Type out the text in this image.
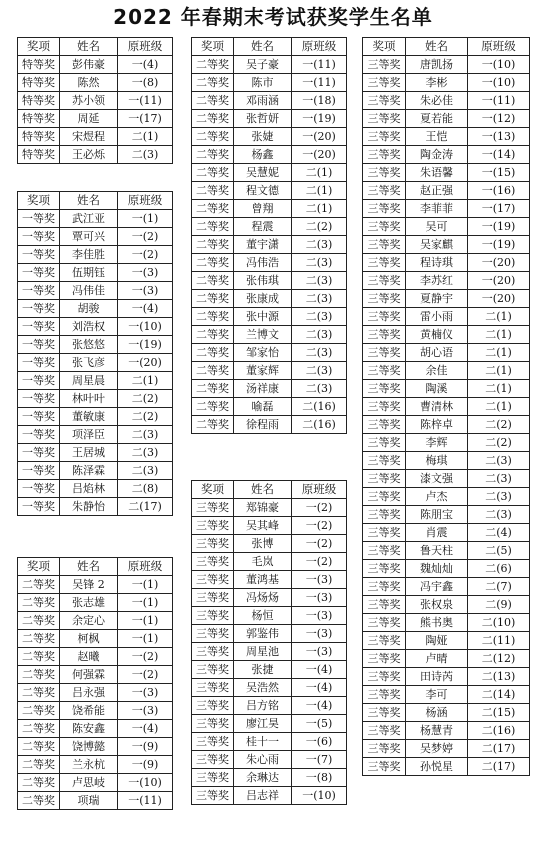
2022 年春期末考试获奖学生名单
奖项	姓名	原班级
特等奖	彭伟豪	一(4)
特等奖	陈然	一(8)
特等奖	苏小领	一(11)
特等奖	周延	一(17)
特等奖	宋煜程	二(1)
特等奖	王必烁	二(3)
奖项	姓名	原班级
一等奖	武江亚	一(1)
一等奖	覃可兴	一(2)
一等奖	李佳胜	一(2)
一等奖	伍期钰	一(3)
一等奖	冯伟佳	一(3)
一等奖	胡骏	一(4)
一等奖	刘浩权	一(10)
一等奖	张悠悠	一(19)
一等奖	张飞彦	一(20)
一等奖	周星晨	二(1)
一等奖	林叶叶	二(2)
一等奖	董敏康	二(2)
一等奖	项泽臣	二(3)
一等奖	王居城	二(3)
一等奖	陈泽霖	二(3)
一等奖	吕焰林	二(8)
一等奖	朱静怡	二(17)
奖项	姓名	原班级
二等奖	吴锋 2	一(1)
二等奖	张志雄	一(1)
二等奖	余定心	一(1)
二等奖	柯枫	一(1)
二等奖	赵曦	一(2)
二等奖	何强霖	一(2)
二等奖	吕永强	一(3)
二等奖	饶希能	一(3)
二等奖	陈安鑫	一(4)
二等奖	饶博懿	一(9)
二等奖	兰永杭	一(9)
二等奖	卢思岐	一(10)
二等奖	项瑞	一(11)
奖项	姓名	原班级
二等奖	吴子豪	一(11)
二等奖	陈市	一(11)
二等奖	邓雨涵	一(18)
二等奖	张哲妍	一(19)
二等奖	张婕	一(20)
二等奖	杨鑫	一(20)
二等奖	吴慧妮	二(1)
二等奖	程文德	二(1)
二等奖	曾翔	二(1)
二等奖	程震	二(2)
二等奖	董宇潇	二(3)
二等奖	冯伟浩	二(3)
二等奖	张伟琪	二(3)
二等奖	张康成	二(3)
二等奖	张中源	二(3)
二等奖	兰博文	二(3)
二等奖	邹家怡	二(3)
二等奖	董家辉	二(3)
二等奖	汤祥康	二(3)
二等奖	喻磊	二(16)
二等奖	徐程雨	二(16)
奖项	姓名	原班级
三等奖	郑锦豪	一(2)
三等奖	吴其峰	一(2)
三等奖	张博	一(2)
三等奖	毛岚	一(2)
三等奖	董鸿基	一(3)
三等奖	冯炀炀	一(3)
三等奖	杨恒	一(3)
三等奖	郭鉴伟	一(3)
三等奖	周星池	一(3)
三等奖	张捷	一(4)
三等奖	吴浩然	一(4)
三等奖	吕方铭	一(4)
三等奖	廖江昊	一(5)
三等奖	桂十一	一(6)
三等奖	朱心雨	一(7)
三等奖	余琳达	一(8)
三等奖	吕志祥	一(10)
奖项	姓名	原班级
三等奖	唐凯扬	一(10)
三等奖	李彬	一(10)
三等奖	朱必佳	一(11)
三等奖	夏若能	一(12)
三等奖	王恺	一(13)
三等奖	陶金涛	一(14)
三等奖	朱语馨	一(15)
三等奖	赵正强	一(16)
三等奖	李菲菲	一(17)
三等奖	吴可	一(19)
三等奖	吴家麒	一(19)
三等奖	程诗琪	一(20)
三等奖	李苏红	一(20)
三等奖	夏静宇	一(20)
三等奖	雷小雨	二(1)
三等奖	黄楠仪	二(1)
三等奖	胡心语	二(1)
三等奖	余佳	二(1)
三等奖	陶溪	二(1)
三等奖	曹清林	二(1)
三等奖	陈梓卓	二(2)
三等奖	李辉	二(2)
三等奖	梅琪	二(3)
三等奖	漆文强	二(3)
三等奖	卢杰	二(3)
三等奖	陈朋宝	二(3)
三等奖	肖震	二(4)
三等奖	鲁天柱	二(5)
三等奖	魏灿灿	二(6)
三等奖	冯宇鑫	二(7)
三等奖	张权泉	二(9)
三等奖	熊书奥	二(10)
三等奖	陶娅	二(11)
三等奖	卢晴	二(12)
三等奖	田诗芮	二(13)
三等奖	李可	二(14)
三等奖	杨涵	二(15)
三等奖	杨慧青	二(16)
三等奖	吴梦婷	二(17)
三等奖	孙悦星	二(17)
